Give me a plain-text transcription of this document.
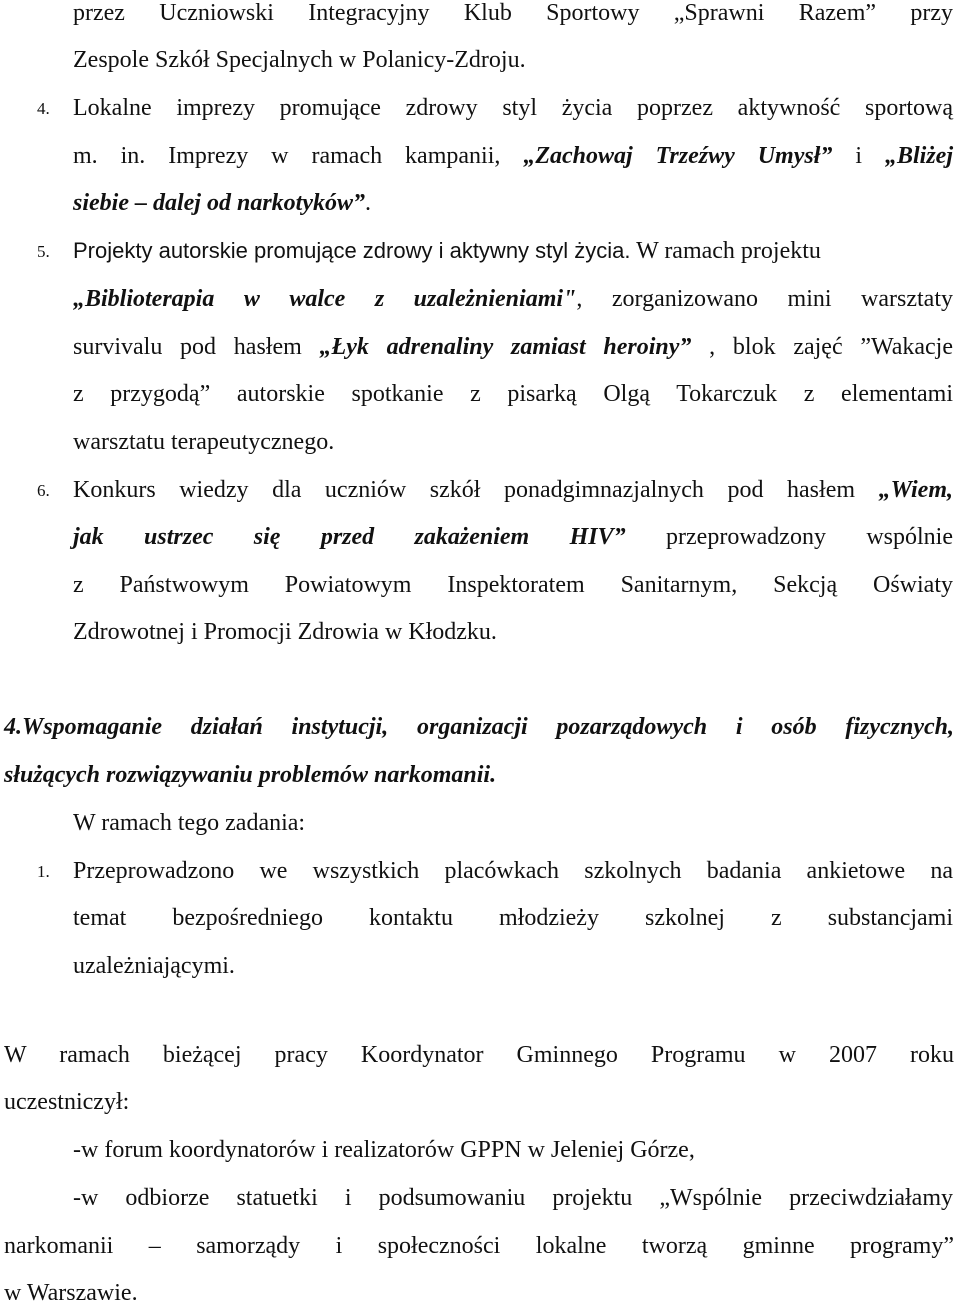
przez Uczniowski Integracyjny Klub Sportowy „Sprawni Razem” przy
Zespole Szkół Specjalnych w Polanicy-Zdroju.
4. Lokalne imprezy promujące zdrowy styl życia poprzez aktywność sportową
m. in. Imprezy w ramach kampanii, „Zachowaj Trzeźwy Umysł” i „Bliżej
siebie – dalej od narkotyków”.
5.	Projekty autorskie promujące zdrowy i aktywny styl życia. W ramach projektu
„Biblioterapia w walce z uzależnieniami", zorganizowano mini warsztaty
survivalu pod hasłem „Łyk adrenaliny zamiast heroiny” , blok zajęć ”Wakacje
z przygodą” autorskie spotkanie z pisarką Olgą Tokarczuk z elementami
warsztatu terapeutycznego.
6. Konkurs wiedzy dla uczniów szkół ponadgimnazjalnych pod hasłem „Wiem,
jak ustrzec się przed zakażeniem HIV” przeprowadzony wspólnie
z Państwowym Powiatowym Inspektoratem Sanitarnym, Sekcją Oświaty
Zdrowotnej i Promocji Zdrowia w Kłodzku.
4.Wspomaganie działań instytucji, organizacji pozarządowych i osób fizycznych,
służących rozwiązywaniu problemów narkomanii.
W ramach tego zadania:
1. Przeprowadzono we wszystkich placówkach szkolnych badania ankietowe na
temat bezpośredniego kontaktu młodzieży szkolnej z substancjami
uzależniającymi.
W ramach bieżącej pracy Koordynator Gminnego Programu w 2007 roku
uczestniczył:
-w forum koordynatorów i realizatorów GPPN w Jeleniej Górze,
-w odbiorze statuetki i podsumowaniu projektu „Wspólnie przeciwdziałamy
narkomanii – samorządy i społeczności lokalne tworzą gminne programy”
w Warszawie.
